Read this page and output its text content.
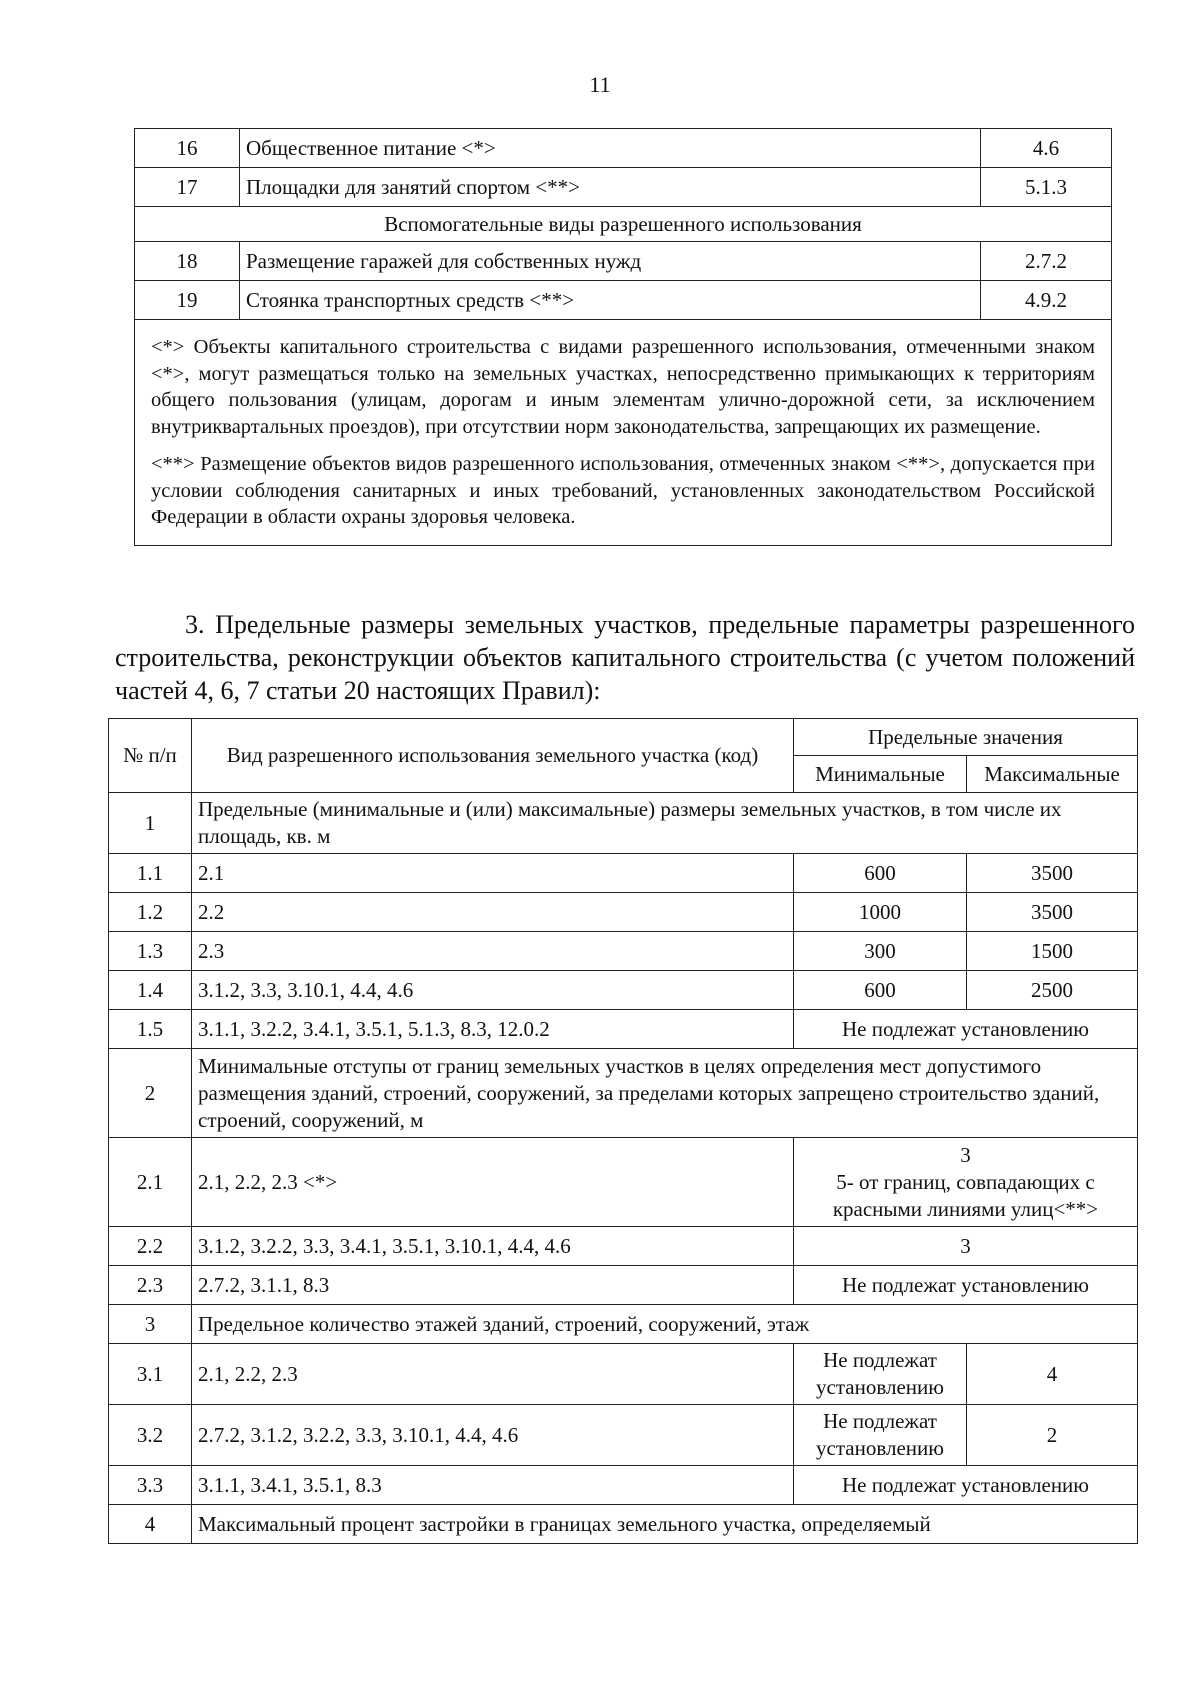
11
16	Общественное питание <*>	4.6
17	Площадки для занятий спортом <**>	5.1.3
Вспомогательные виды разрешенного использования		
18	Размещение гаражей для собственных нужд	2.7.2
19	Стоянка транспортных средств <**>	4.9.2

<*> Объекты капитального строительства с видами разрешенного использования, отмеченными знаком <*>, могут размещаться только на земельных участках, непосредственно примыкающих к территориям общего пользования (улицам, дорогам и иным элементам улично-дорожной сети, за исключением внутриквартальных проездов), при отсутствии норм законодательства, запрещающих их размещение.

<**> Размещение объектов видов разрешенного использования, отмеченных знаком <**>, допускается при условии соблюдения санитарных и иных требований, установленных законодательством Российской Федерации в области охраны здоровья человека.		

3. Предельные размеры земельных участков, предельные параметры разрешенного строительства, реконструкции объектов капитального строительства (с учетом положений частей 4, 6, 7 статьи 20 настоящих Правил):

№ п/п	Вид разрешенного использования земельного участка (код)	Предельные значения	
		Минимальные	Максимальные
1	Предельные (минимальные и (или) максимальные) размеры земельных участков, в том числе их площадь, кв. м		
1.1	2.1	600	3500
1.2	2.2	1000	3500
1.3	2.3	300	1500
1.4	3.1.2, 3.3, 3.10.1, 4.4, 4.6	600	2500
1.5	3.1.1, 3.2.2, 3.4.1, 3.5.1, 5.1.3, 8.3, 12.0.2	Не подлежат установлению	
2	Минимальные отступы от границ земельных участков в целях определения мест допустимого размещения зданий, строений, сооружений, за пределами которых запрещено строительство зданий, строений, сооружений, м		
2.1	2.1, 2.2, 2.3 <*>	3
5- от границ, совпадающих с красными линиями улиц<**>	

2.2	3.1.2, 3.2.2, 3.3, 3.4.1, 3.5.1, 3.10.1, 4.4, 4.6	3	
2.3	2.7.2, 3.1.1, 8.3	Не подлежат установлению	
3	Предельное количество этажей зданий, строений, сооружений, этаж		
3.1	2.1, 2.2, 2.3	Не подлежат установлению	4
3.2	2.7.2, 3.1.2, 3.2.2, 3.3, 3.10.1, 4.4, 4.6	Не подлежат установлению	2
3.3	3.1.1, 3.4.1, 3.5.1, 8.3	Не подлежат установлению	
4	Максимальный процент застройки в границах земельного участка, определяемый		
